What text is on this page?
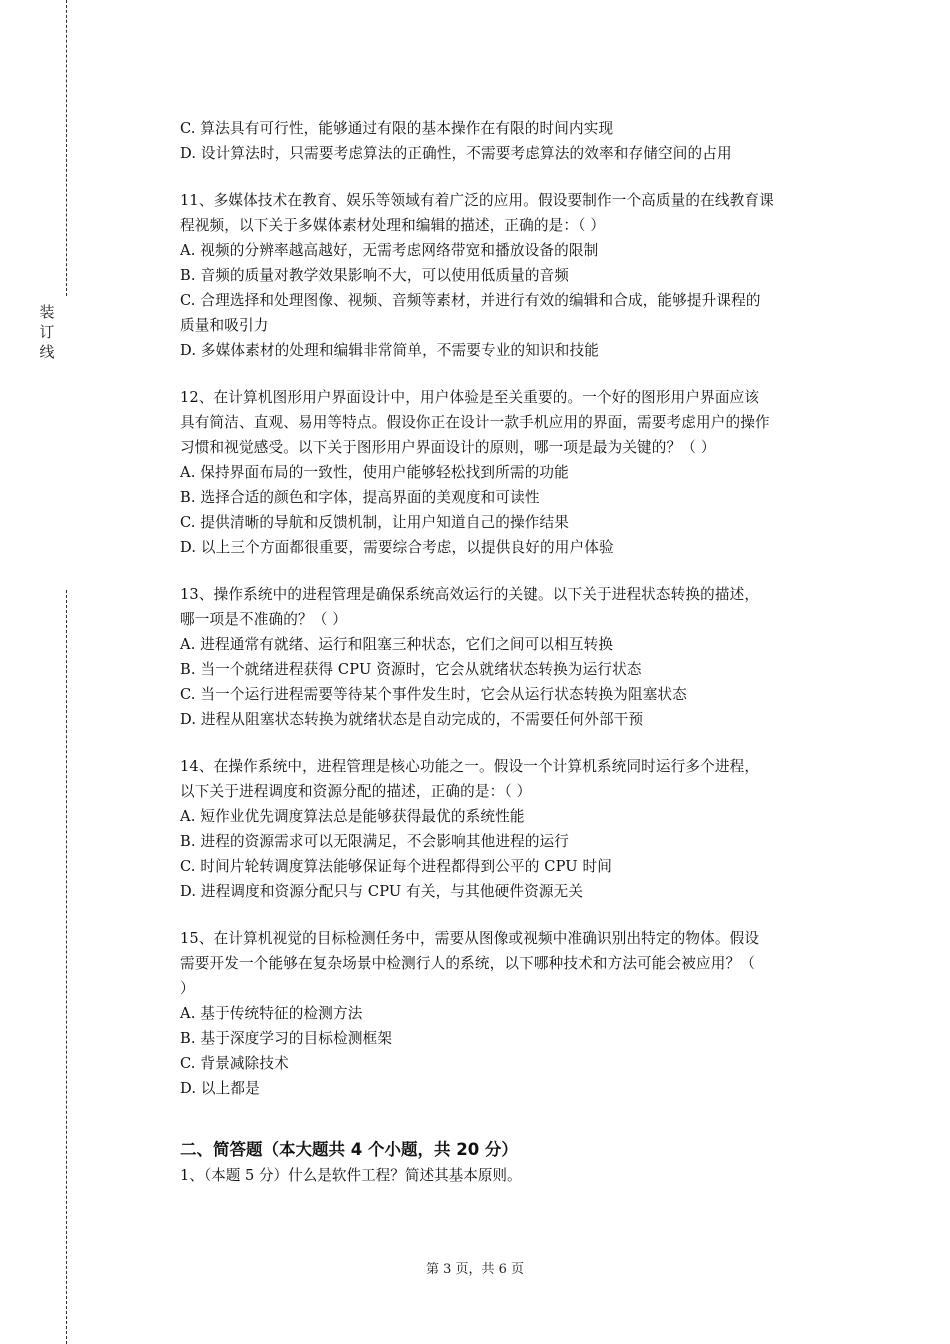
装
订
线
C. 算法具有可行性，能够通过有限的基本操作在有限的时间内实现
D. 设计算法时，只需要考虑算法的正确性，不需要考虑算法的效率和存储空间的占用
11、多媒体技术在教育、娱乐等领域有着广泛的应用。假设要制作一个高质量的在线教育课
程视频，以下关于多媒体素材处理和编辑的描述，正确的是：（ ）
A. 视频的分辨率越高越好，无需考虑网络带宽和播放设备的限制
B. 音频的质量对教学效果影响不大，可以使用低质量的音频
C. 合理选择和处理图像、视频、音频等素材，并进行有效的编辑和合成，能够提升课程的
质量和吸引力
D. 多媒体素材的处理和编辑非常简单，不需要专业的知识和技能
12、在计算机图形用户界面设计中，用户体验是至关重要的。一个好的图形用户界面应该
具有简洁、直观、易用等特点。假设你正在设计一款手机应用的界面，需要考虑用户的操作
习惯和视觉感受。以下关于图形用户界面设计的原则，哪一项是最为关键的？（ ）
A. 保持界面布局的一致性，使用户能够轻松找到所需的功能
B. 选择合适的颜色和字体，提高界面的美观度和可读性
C. 提供清晰的导航和反馈机制，让用户知道自己的操作结果
D. 以上三个方面都很重要，需要综合考虑，以提供良好的用户体验
13、操作系统中的进程管理是确保系统高效运行的关键。以下关于进程状态转换的描述，
哪一项是不准确的？（ ）
A. 进程通常有就绪、运行和阻塞三种状态，它们之间可以相互转换
B. 当一个就绪进程获得 CPU 资源时，它会从就绪状态转换为运行状态
C. 当一个运行进程需要等待某个事件发生时，它会从运行状态转换为阻塞状态
D. 进程从阻塞状态转换为就绪状态是自动完成的，不需要任何外部干预
14、在操作系统中，进程管理是核心功能之一。假设一个计算机系统同时运行多个进程，
以下关于进程调度和资源分配的描述，正确的是：（ ）
A. 短作业优先调度算法总是能够获得最优的系统性能
B. 进程的资源需求可以无限满足，不会影响其他进程的运行
C. 时间片轮转调度算法能够保证每个进程都得到公平的 CPU 时间
D. 进程调度和资源分配只与 CPU 有关，与其他硬件资源无关
15、在计算机视觉的目标检测任务中，需要从图像或视频中准确识别出特定的物体。假设
需要开发一个能够在复杂场景中检测行人的系统，以下哪种技术和方法可能会被应用？（
）
A. 基于传统特征的检测方法
B. 基于深度学习的目标检测框架
C. 背景减除技术
D. 以上都是
二、简答题（本大题共 4 个小题，共 20 分）
1、（本题 5 分）什么是软件工程？简述其基本原则。
第 3 页，共 6 页
